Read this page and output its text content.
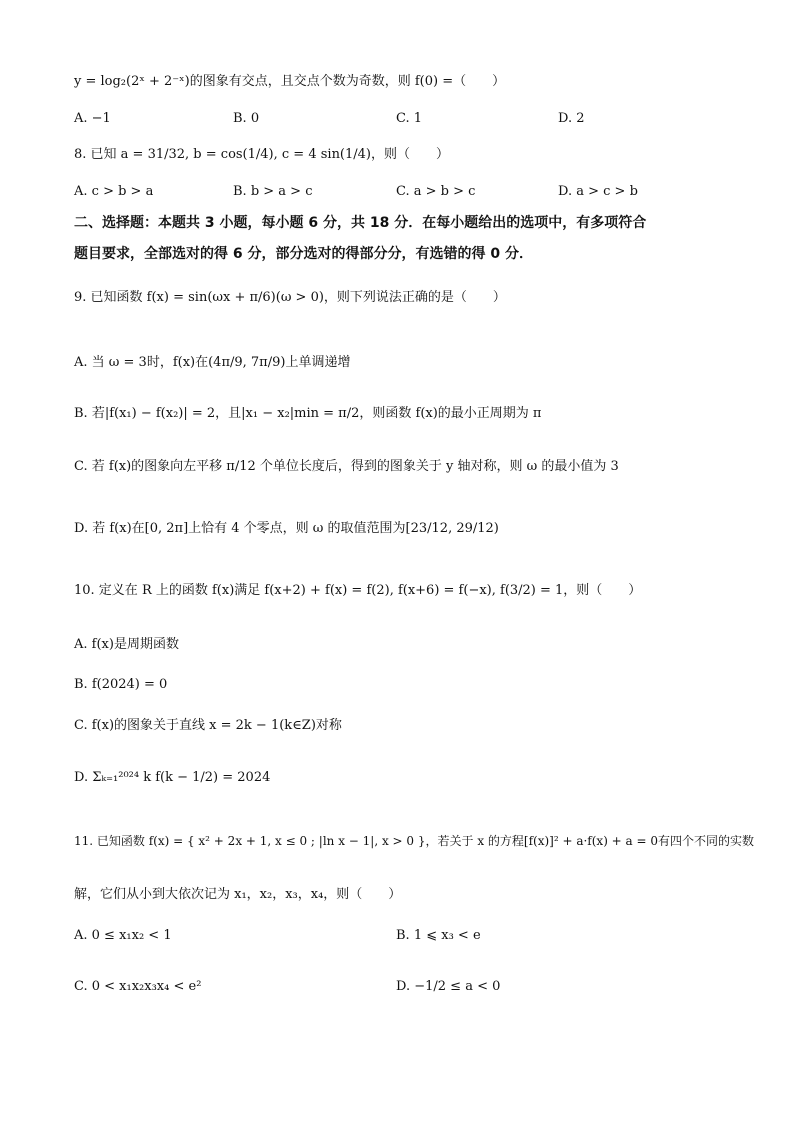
y = log₂(2ˣ + 2⁻ˣ)的图象有交点，且交点个数为奇数，则 f(0) =（　　）
A. −1	B. 0	C. 1	D. 2
8. 已知 a = 31/32, b = cos(1/4), c = 4 sin(1/4)，则（　　）
A. c > b > a	B. b > a > c	C. a > b > c	D. a > c > b
二、选择题：本题共 3 小题，每小题 6 分，共 18 分．在每小题给出的选项中，有多项符合
题目要求，全部选对的得 6 分，部分选对的得部分分，有选错的得 0 分．
9. 已知函数 f(x) = sin(ωx + π/6)(ω > 0)，则下列说法正确的是（　　）
A. 当 ω = 3时，f(x)在(4π/9, 7π/9)上单调递增
B. 若|f(x₁) − f(x₂)| = 2，且|x₁ − x₂|min = π/2，则函数 f(x)的最小正周期为 π
C. 若 f(x)的图象向左平移 π/12 个单位长度后，得到的图象关于 y 轴对称，则 ω 的最小值为 3
D. 若 f(x)在[0, 2π]上恰有 4 个零点，则 ω 的取值范围为[23/12, 29/12)
10. 定义在 R 上的函数 f(x)满足 f(x+2) + f(x) = f(2), f(x+6) = f(−x), f(3/2) = 1，则（　　）
A. f(x)是周期函数
B. f(2024) = 0
C. f(x)的图象关于直线 x = 2k − 1(k∈Z)对称
D. Σₖ₌₁²⁰²⁴ k f(k − 1/2) = 2024
11. 已知函数 f(x) = { x² + 2x + 1, x ≤ 0 ; |ln x − 1|, x > 0 }，若关于 x 的方程[f(x)]² + a·f(x) + a = 0有四个不同的实数
解，它们从小到大依次记为 x₁，x₂，x₃，x₄，则（　　）
A. 0 ≤ x₁x₂ < 1	B. 1 ⩽ x₃ < e
C. 0 < x₁x₂x₃x₄ < e²	D. −1/2 ≤ a < 0
